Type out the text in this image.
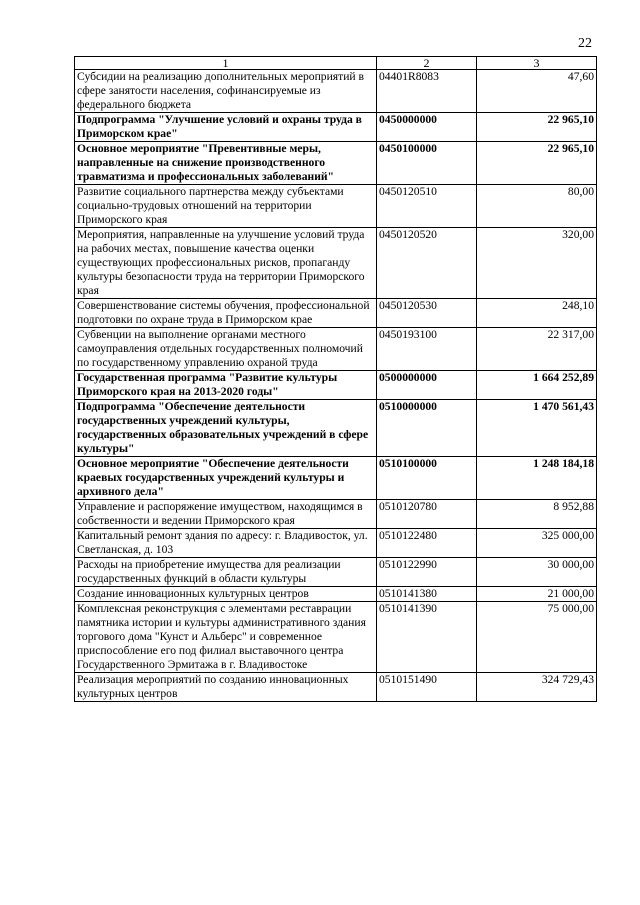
22
1	2	3
Субсидии на реализацию дополнительных мероприятий в сфере занятости населения, софинансируемые из федерального бюджета	04401R8083	47,60
Подпрограмма "Улучшение условий и охраны труда в Приморском крае"	0450000000	22 965,10
Основное мероприятие "Превентивные меры, направленные на снижение производственного травматизма и профессиональных заболеваний"	0450100000	22 965,10
Развитие социального партнерства между субъектами социально-трудовых отношений на территории Приморского края	0450120510	80,00
Мероприятия, направленные на улучшение условий труда на рабочих местах, повышение качества оценки существующих профессиональных рисков, пропаганду культуры безопасности труда на территории Приморского края	0450120520	320,00
Совершенствование системы обучения, профессиональной подготовки по охране труда в Приморском крае	0450120530	248,10
Субвенции на выполнение органами местного самоуправления отдельных государственных полномочий по государственному управлению охраной труда	0450193100	22 317,00
Государственная программа "Развитие культуры Приморского края на 2013-2020 годы"	0500000000	1 664 252,89
Подпрограмма "Обеспечение деятельности государственных учреждений культуры, государственных образовательных учреждений в сфере культуры"	0510000000	1 470 561,43
Основное мероприятие "Обеспечение деятельности краевых государственных учреждений культуры и архивного дела"	0510100000	1 248 184,18
Управление и распоряжение имуществом, находящимся в собственности и ведении Приморского края	0510120780	8 952,88
Капитальный ремонт здания по адресу: г. Владивосток, ул. Светланская, д. 103	0510122480	325 000,00
Расходы на приобретение имущества для реализации государственных функций в области культуры	0510122990	30 000,00
Создание инновационных культурных центров	0510141380	21 000,00
Комплексная реконструкция с элементами реставрации памятника истории и культуры административного здания торгового дома "Кунст и Альберс" и современное приспособление его под филиал выставочного центра Государственного Эрмитажа в г. Владивостоке	0510141390	75 000,00
Реализация мероприятий по созданию инновационных культурных центров	0510151490	324 729,43
